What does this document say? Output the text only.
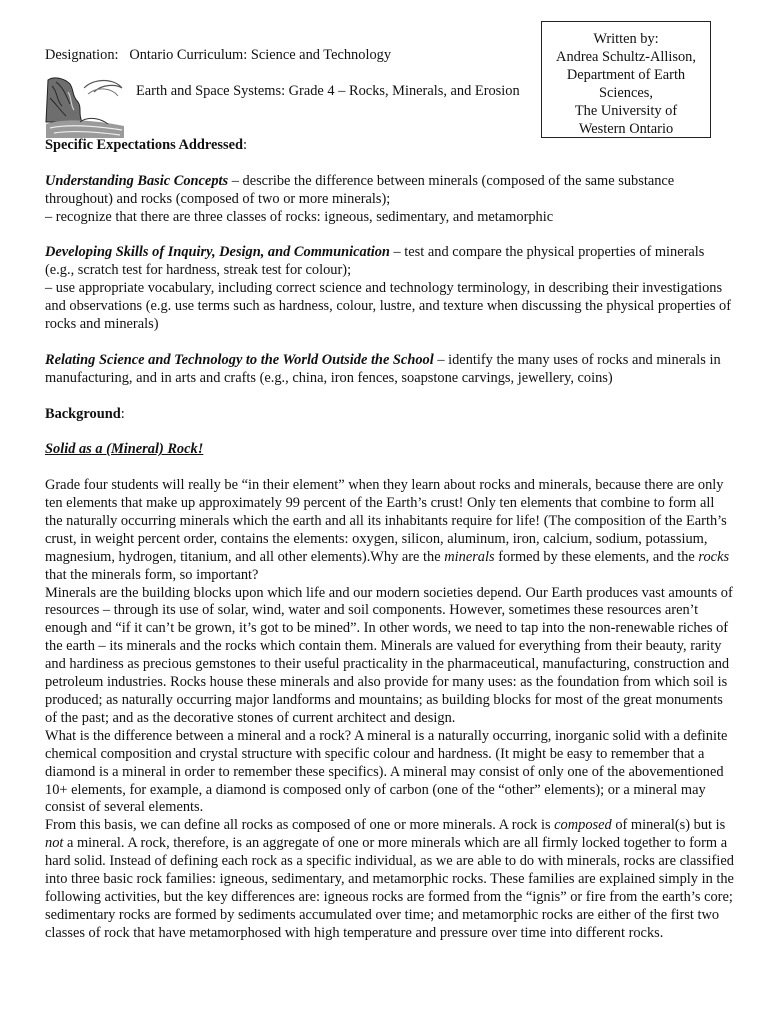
Designation: Ontario Curriculum: Science and Technology
Earth and Space Systems: Grade 4 – Rocks, Minerals, and Erosion
Written by:
Andrea Schultz-Allison,
Department of Earth
Sciences,
The University of
Western Ontario

Specific Expectations Addressed:

Understanding Basic Concepts – describe the difference between minerals (composed of the same substance throughout) and rocks (composed of two or more minerals);

– recognize that there are three classes of rocks: igneous, sedimentary, and metamorphic

Developing Skills of Inquiry, Design, and Communication – test and compare the physical properties of minerals (e.g., scratch test for hardness, streak test for colour);

– use appropriate vocabulary, including correct science and technology terminology, in describing their investigations and observations (e.g. use terms such as hardness, colour, lustre, and texture when discussing the physical properties of rocks and minerals)

Relating Science and Technology to the World Outside the School – identify the many uses of rocks and minerals in manufacturing, and in arts and crafts (e.g., china, iron fences, soapstone carvings, jewellery, coins)

Background:

Solid as a (Mineral) Rock!

Grade four students will really be “in their element” when they learn about rocks and minerals, because there are only ten elements that make up approximately 99 percent of the Earth’s crust! Only ten elements that combine to form all the naturally occurring minerals which the earth and all its inhabitants require for life! (The composition of the Earth’s crust, in weight percent order, contains the elements: oxygen, silicon, aluminum, iron, calcium, sodium, potassium, magnesium, hydrogen, titanium, and all other elements).Why are the minerals formed by these elements, and the rocks that the minerals form, so important?

Minerals are the building blocks upon which life and our modern societies depend. Our Earth produces vast amounts of resources – through its use of solar, wind, water and soil components. However, sometimes these resources aren’t enough and “if it can’t be grown, it’s got to be mined”. In other words, we need to tap into the non-renewable riches of the earth – its minerals and the rocks which contain them. Minerals are valued for everything from their beauty, rarity and hardiness as precious gemstones to their useful practicality in the pharmaceutical, manufacturing, construction and petroleum industries. Rocks house these minerals and also provide for many uses: as the foundation from which soil is produced; as naturally occurring major landforms and mountains; as building blocks for most of the great monuments of the past; and as the decorative stones of current architect and design.

What is the difference between a mineral and a rock? A mineral is a naturally occurring, inorganic solid with a definite chemical composition and crystal structure with specific colour and hardness. (It might be easy to remember that a diamond is a mineral in order to remember these specifics). A mineral may consist of only one of the abovementioned 10+ elements, for example, a diamond is composed only of carbon (one of the “other” elements); or a mineral may consist of several elements.

From this basis, we can define all rocks as composed of one or more minerals. A rock is composed of mineral(s) but is not a mineral. A rock, therefore, is an aggregate of one or more minerals which are all firmly locked together to form a hard solid. Instead of defining each rock as a specific individual, as we are able to do with minerals, rocks are classified into three basic rock families: igneous, sedimentary, and metamorphic rocks. These families are explained simply in the following activities, but the key differences are: igneous rocks are formed from the “ignis” or fire from the earth’s core; sedimentary rocks are formed by sediments accumulated over time; and metamorphic rocks are either of the first two classes of rock that have metamorphosed with high temperature and pressure over time into different rocks.
